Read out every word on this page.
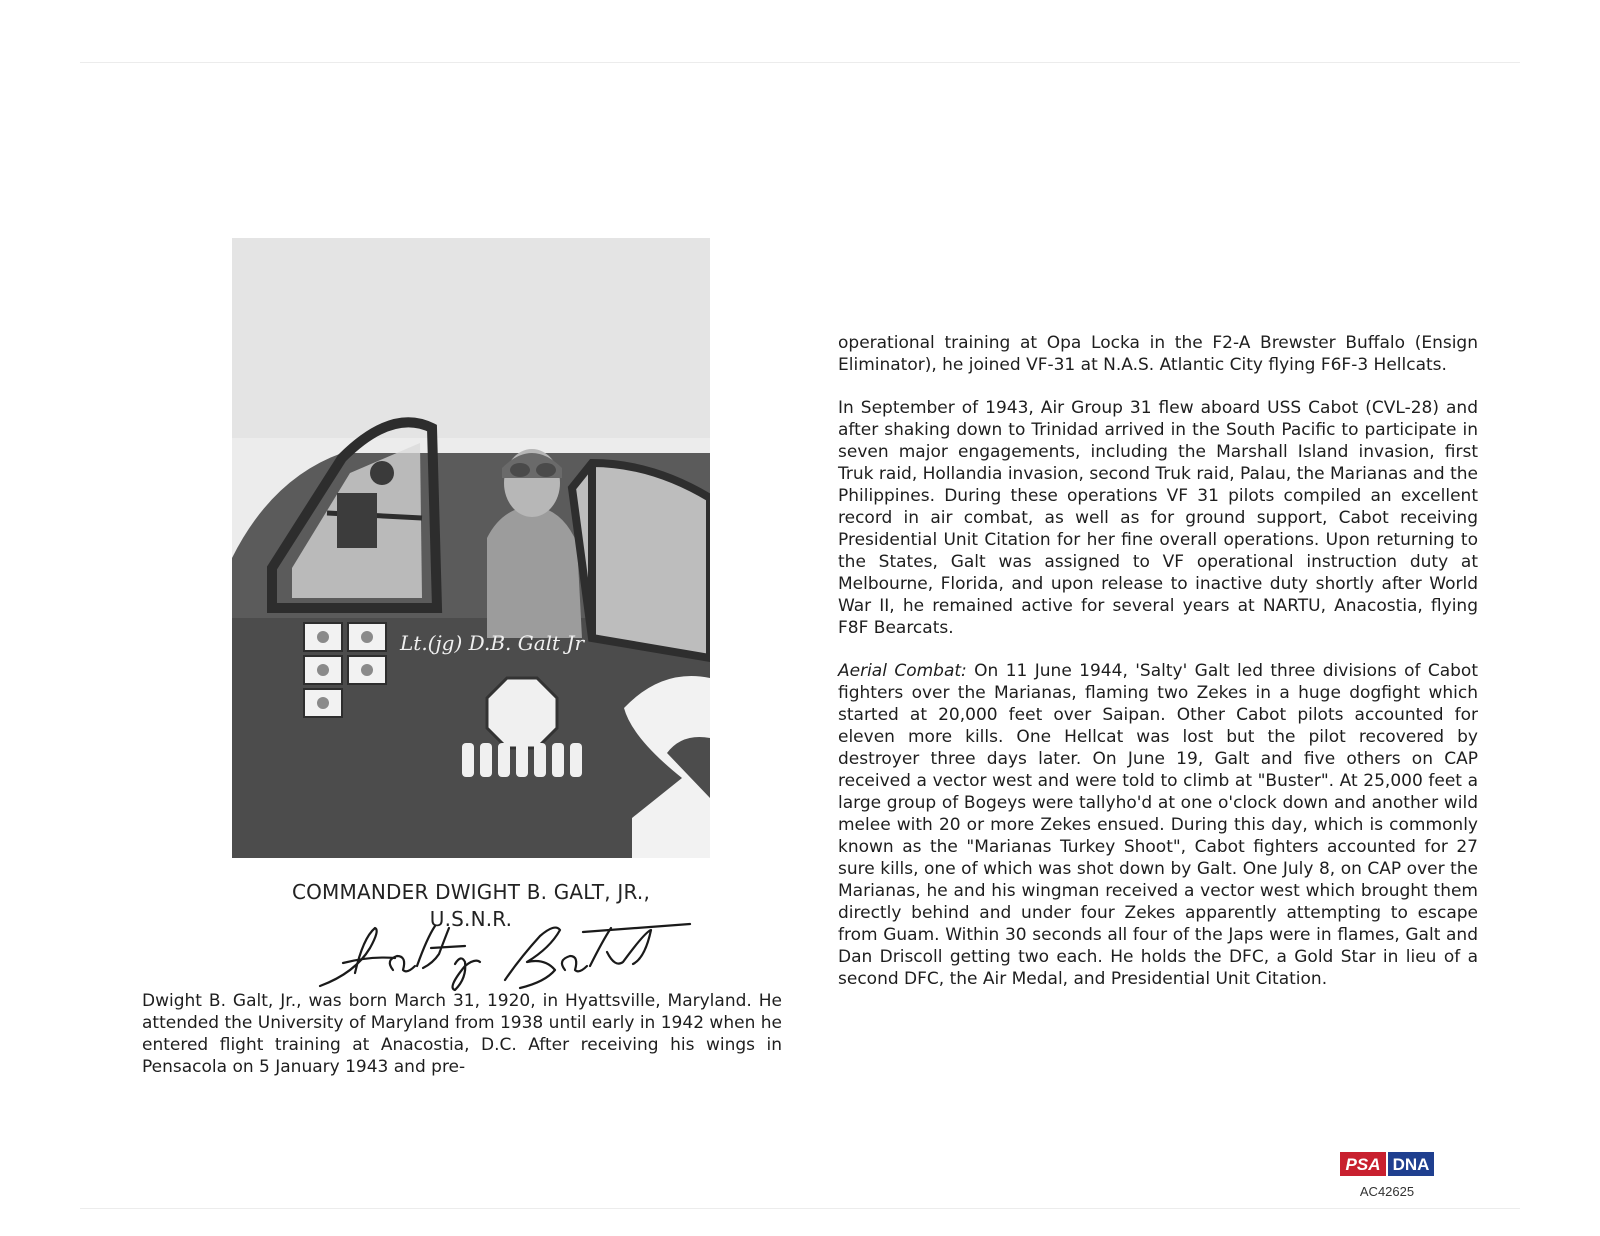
Lt.(jg) D.B. Galt Jr
COMMANDER DWIGHT B. GALT, JR.,
U.S.N.R.

Dwight B. Galt, Jr., was born March 31, 1920, in Hyattsville, Maryland. He attended the University of Maryland from 1938 until early in 1942 when he entered flight training at Anacostia, D.C. After receiving his wings in Pensacola on 5 January 1943 and pre-

operational training at Opa Locka in the F2-A Brewster Buffalo (Ensign Eliminator), he joined VF-31 at N.A.S. Atlantic City flying F6F-3 Hellcats.

In September of 1943, Air Group 31 flew aboard USS Cabot (CVL-28) and after shaking down to Trinidad arrived in the South Pacific to participate in seven major engagements, including the Marshall Island invasion, first Truk raid, Hollandia invasion, second Truk raid, Palau, the Marianas and the Philippines. During these operations VF 31 pilots compiled an excellent record in air combat, as well as for ground support, Cabot receiving Presidential Unit Citation for her fine overall operations. Upon returning to the States, Galt was assigned to VF operational instruction duty at Melbourne, Florida, and upon release to inactive duty shortly after World War II, he remained active for several years at NARTU, Anacostia, flying F8F Bearcats.

Aerial Combat: On 11 June 1944, 'Salty' Galt led three divisions of Cabot fighters over the Marianas, flaming two Zekes in a huge dogfight which started at 20,000 feet over Saipan. Other Cabot pilots accounted for eleven more kills. One Hellcat was lost but the pilot recovered by destroyer three days later. On June 19, Galt and five others on CAP received a vector west and were told to climb at "Buster". At 25,000 feet a large group of Bogeys were tallyho'd at one o'clock down and another wild melee with 20 or more Zekes ensued. During this day, which is commonly known as the "Marianas Turkey Shoot", Cabot fighters accounted for 27 sure kills, one of which was shot down by Galt. One July 8, on CAP over the Marianas, he and his wingman received a vector west which brought them directly behind and under four Zekes apparently attempting to escape from Guam. Within 30 seconds all four of the Japs were in flames, Galt and Dan Driscoll getting two each. He holds the DFC, a Gold Star in lieu of a second DFC, the Air Medal, and Presidential Unit Citation.

PSA DNA
AC42625
